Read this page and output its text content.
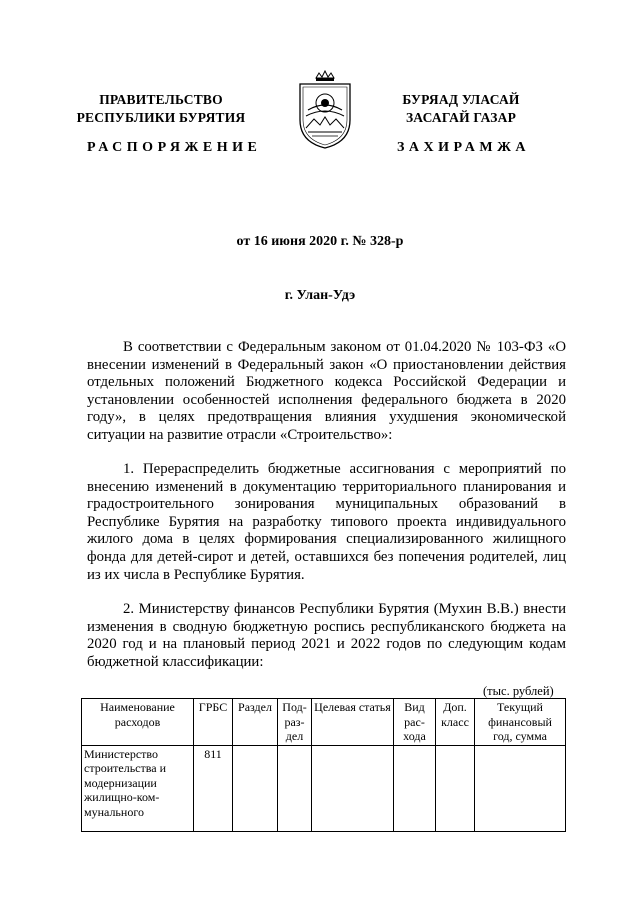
ПРАВИТЕЛЬСТВО
РЕСПУБЛИКИ БУРЯТИЯ
БУРЯАД УЛАСАЙ
ЗАСАГАЙ ГАЗАР
РАСПОРЯЖЕНИЕ	ЗАХИРАМЖА
от 16 июня 2020 г. № 328-р
г. Улан-Удэ
В соответствии с Федеральным законом от 01.04.2020 № 103-ФЗ «О внесении изменений в Федеральный закон «О приостановлении действия отдельных положений Бюджетного кодекса Российской Федерации и установлении особенностей исполнения федерального бюджета в 2020 году», в целях предотвращения влияния ухудшения экономической ситуации на развитие отрасли «Строительство»:
1. Перераспределить бюджетные ассигнования с мероприятий по внесению изменений в документацию территориального планирования и градостроительного зонирования муниципальных образований в Республике Бурятия на разработку типового проекта индивидуального жилого дома в целях формирования специализированного жилищного фонда для детей-сирот и детей, оставшихся без попечения родителей, лиц из их числа в Республике Бурятия.
2. Министерству финансов Республики Бурятия (Мухин В.В.) внести изменения в сводную бюджетную роспись республиканского бюджета на 2020 год и на плановый период 2021 и 2022 годов по следующим кодам бюджетной классификации:
(тыс. рублей)
Наименование расходов	ГРБС	Раздел	Под-раз-дел	Целевая статья	Вид рас-хода	Доп. класс	Текущий финансовый год, сумма
Министерство строительства и модернизации жилищно-ком-мунального	811						
